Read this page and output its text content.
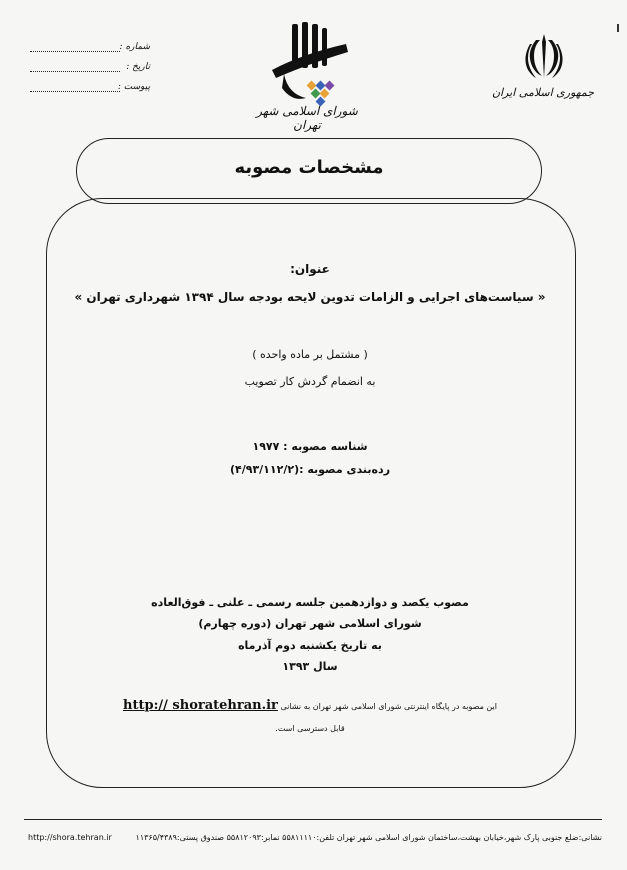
شماره :
تاریخ :
پیوست :
شورای اسلامی شهر تهران
جمهوری اسلامی ایران
مشخصات مصوبه
عنوان:
« سیاست‌های اجرایی و الزامات تدوین لایحه بودجه سال ۱۳۹۴ شهرداری تهران »
( مشتمل بر ماده واحده )
به انضمام گردش کار تصویب
شناسه مصوبه : ۱۹۷۷
رده‌بندی مصوبه :(۴/۹۳/۱۱۲/۲)
مصوب یکصد و دوازدهمین جلسه رسمی ـ علنی ـ فوق‌العاده
شورای اسلامی شهر تهران (دوره چهارم)
به تاریخ یکشنبه دوم آذرماه
سال ۱۳۹۳
این مصوبه در پایگاه اینترنتی شورای اسلامی شهر تهران به نشانی http:// shoratehran.ir
قابل دسترسی است.
نشانی:ضلع جنوبی پارک شهر،خیابان بهشت،ساختمان شورای اسلامی شهر تهران تلفن:۵۵۸۱۱۱۱۰ نمابر:۵۵۸۱۲۰۹۳ صندوق پستی:۱۱۳۶۵/۴۳۸۹
http://shora.tehran.ir
